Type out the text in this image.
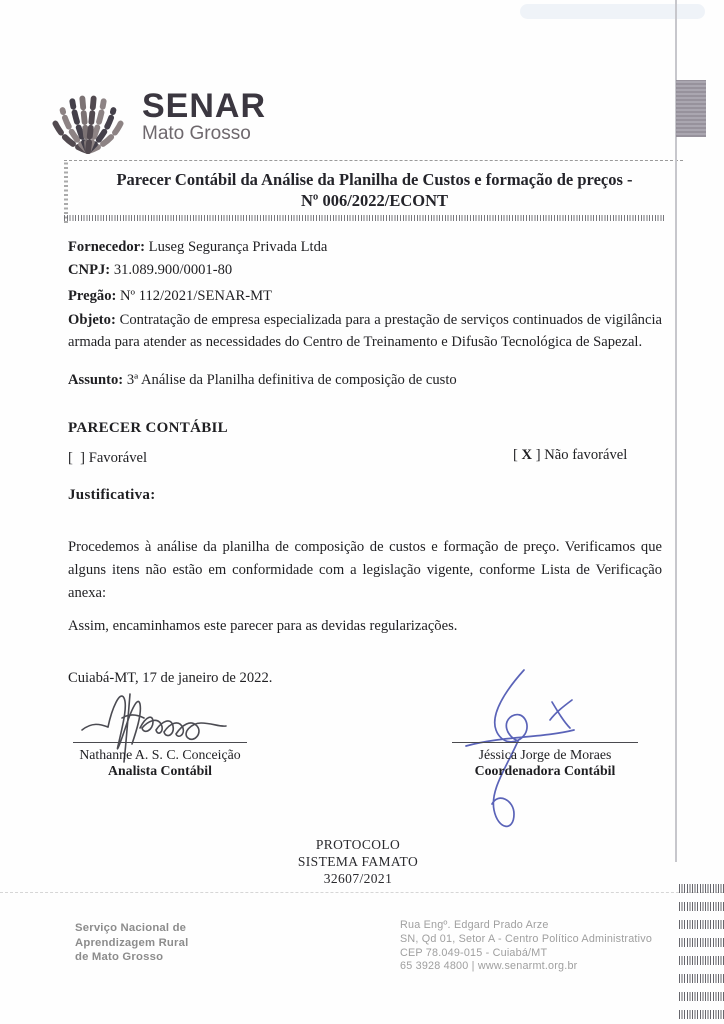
SENAR
Mato Grosso
Parecer Contábil da Análise da Planilha de Custos e formação de preços -
Nº 006/2022/ECONT
Fornecedor: Luseg Segurança Privada Ltda
CNPJ: 31.089.900/0001-80
Pregão: Nº 112/2021/SENAR-MT
Objeto: Contratação de empresa especializada para a prestação de serviços continuados de vigilância armada para atender as necessidades do Centro de Treinamento e Difusão Tecnológica de Sapezal.
Assunto: 3ª Análise da Planilha definitiva de composição de custo
PARECER CONTÁBIL
[ ] Favorável	[ X ] Não favorável
Justificativa:
Procedemos à análise da planilha de composição de custos e formação de preço. Verificamos que alguns itens não estão em conformidade com a legislação vigente, conforme Lista de Verificação anexa:
Assim, encaminhamos este parecer para as devidas regularizações.
Cuiabá-MT, 17 de janeiro de 2022.
Nathanne A. S. C. Conceição
Analista Contábil
Jéssica Jorge de Moraes
Coordenadora Contábil
PROTOCOLO
SISTEMA FAMATO
32607/2021
Serviço Nacional de
Aprendizagem Rural
de Mato Grosso
Rua Engº. Edgard Prado Arze
SN, Qd 01, Setor A - Centro Político Administrativo
CEP 78.049-015 - Cuiabá/MT
65 3928 4800 | www.senarmt.org.br
